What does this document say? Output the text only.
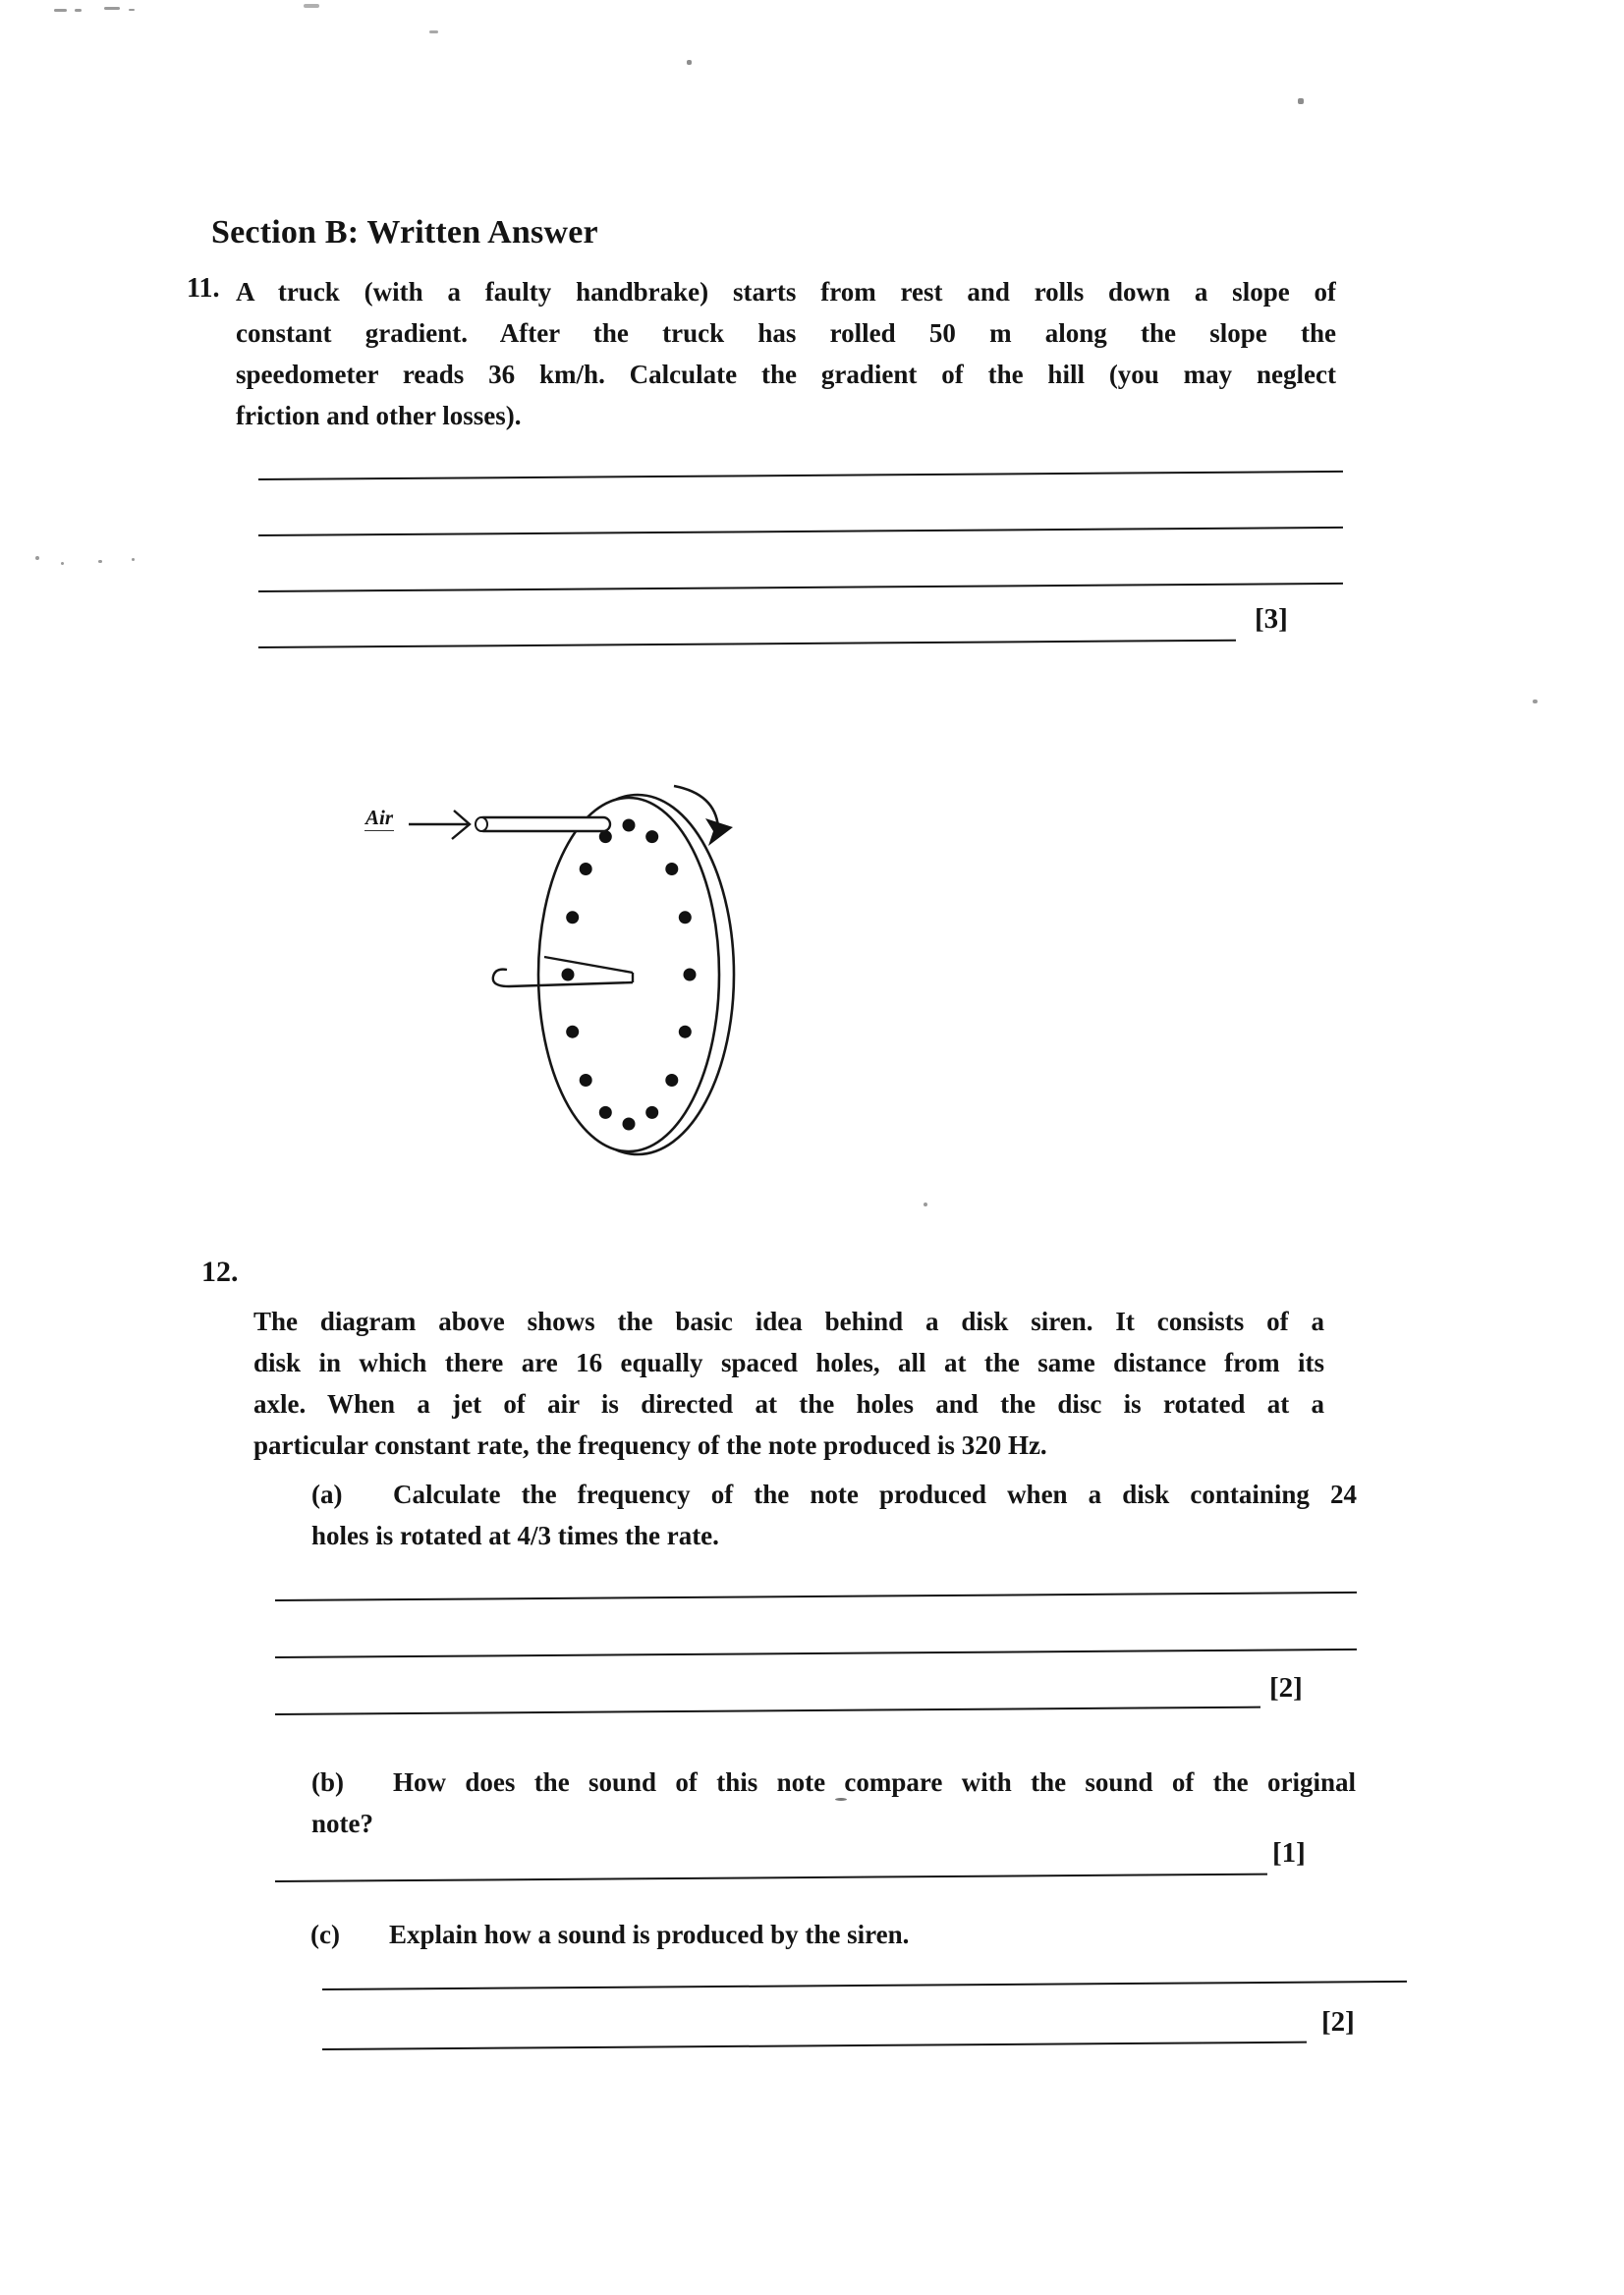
Section B: Written Answer
11. A truck (with a faulty handbrake) starts from rest and rolls down a slope of
constant gradient. After the truck has rolled 50 m along the slope the
speedometer reads 36 km/h. Calculate the gradient of the hill (you may neglect
friction and other losses).
[3]
Air
12.
The diagram above shows the basic idea behind a disk siren. It consists of a
disk in which there are 16 equally spaced holes, all at the same distance from its
axle. When a jet of air is directed at the holes and the disc is rotated at a
particular constant rate, the frequency of the note produced is 320 Hz.
(a) Calculate the frequency of the note produced when a disk containing 24
holes is rotated at 4/3 times the rate.
[2]
(b) How does the sound of this note compare with the sound of the original
note?
[1]
(c) Explain how a sound is produced by the siren.
[2]
